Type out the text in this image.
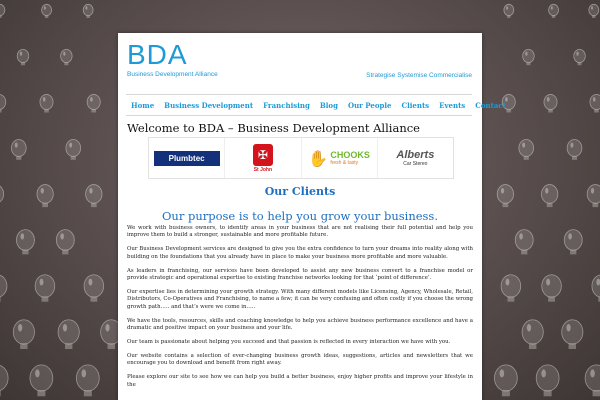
BDA
Business Development Alliance	Strategise Systemise Commercialise
Home	Business Development	Franchising	Blog	Our People	Clients	Events	Contact
Welcome to BDA – Business Development Alliance
Plumbtec	✠
St John
✋ CHOOKS
fresh & tasty
Alberts
Car Stereo
Our Clients
Our purpose is to help you grow your business.

We work with business owners, to identify areas in your business that are not realising their full potential and help you improve them to build a stronger, sustainable and more profitable future.

Our Business Development services are designed to give you the extra confidence to turn your dreams into reality along with building on the foundations that you already have in place to make your business more profitable and more valuable.

As leaders in franchising, our services have been developed to assist any new business convert to a franchise model or provide strategic and operational expertise to existing franchise networks looking for that ‘point of difference’.

Our expertise lies in determining your growth strategy. With many different models like Licensing, Agency, Wholesale, Retail, Distributors, Co-Operatives and Franchising, to name a few; it can be very confusing and often costly if you choose the wrong growth path….. and that’s were we come in…..

We have the tools, resources, skills and coaching knowledge to help you achieve business performance excellence and have a dramatic and positive impact on your business and your life.

Our team is passionate about helping you succeed and that passion is reflected in every interaction we have with you.

Our website contains a selection of ever-changing business growth ideas, suggestions, articles and newsletters that we encourage you to download and benefit from right away.

Please explore our site to see how we can help you build a better business, enjoy higher profits and improve your lifestyle in the
